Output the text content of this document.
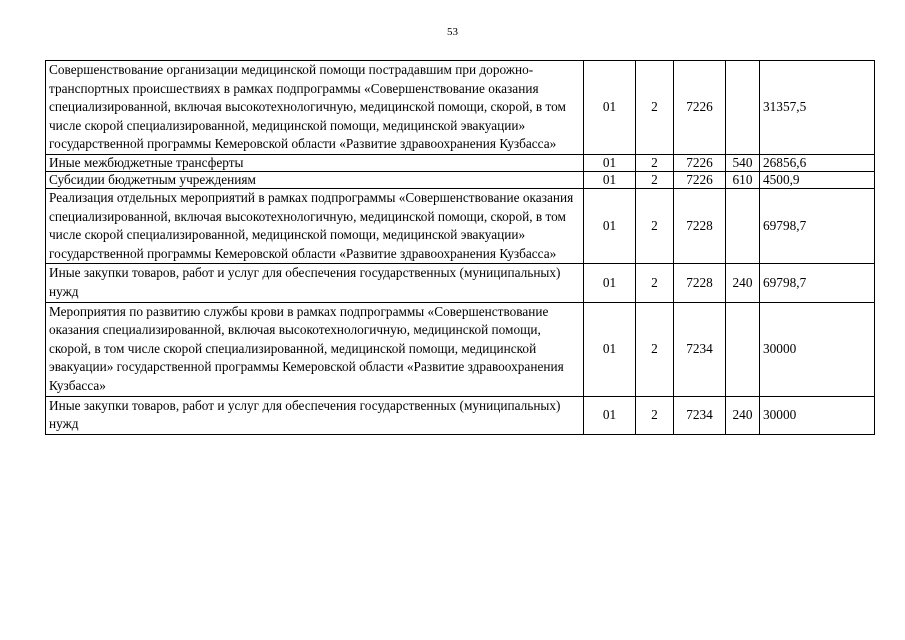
53
Совершенствование организации медицинской помощи пострадавшим при дорожно-транспортных происшествиях в рамках подпрограммы «Совершенствование оказания специализированной, включая высокотехнологичную, медицинской помощи, скорой, в том числе скорой специализированной, медицинской помощи, медицинской эвакуации» государственной программы Кемеровской области «Развитие здравоохранения Кузбасса»	01	2	7226		31357,5
Иные межбюджетные трансферты	01	2	7226	540	26856,6
Субсидии бюджетным учреждениям	01	2	7226	610	4500,9
Реализация отдельных мероприятий в рамках подпрограммы «Совершенствование оказания специализированной, включая высокотехнологичную, медицинской помощи, скорой, в том числе скорой специализированной, медицинской помощи, медицинской эвакуации» государственной программы Кемеровской области «Развитие здравоохранения Кузбасса»	01	2	7228		69798,7
Иные закупки товаров, работ и услуг для обеспечения государственных (муниципальных) нужд	01	2	7228	240	69798,7
Мероприятия по развитию службы крови в рамках подпрограммы «Совершенствование оказания специализированной, включая высокотехнологичную, медицинской помощи, скорой, в том числе скорой специализированной, медицинской помощи, медицинской эвакуации» государственной программы Кемеровской области «Развитие здравоохранения Кузбасса»	01	2	7234		30000
Иные закупки товаров, работ и услуг для обеспечения государственных (муниципальных) нужд	01	2	7234	240	30000
